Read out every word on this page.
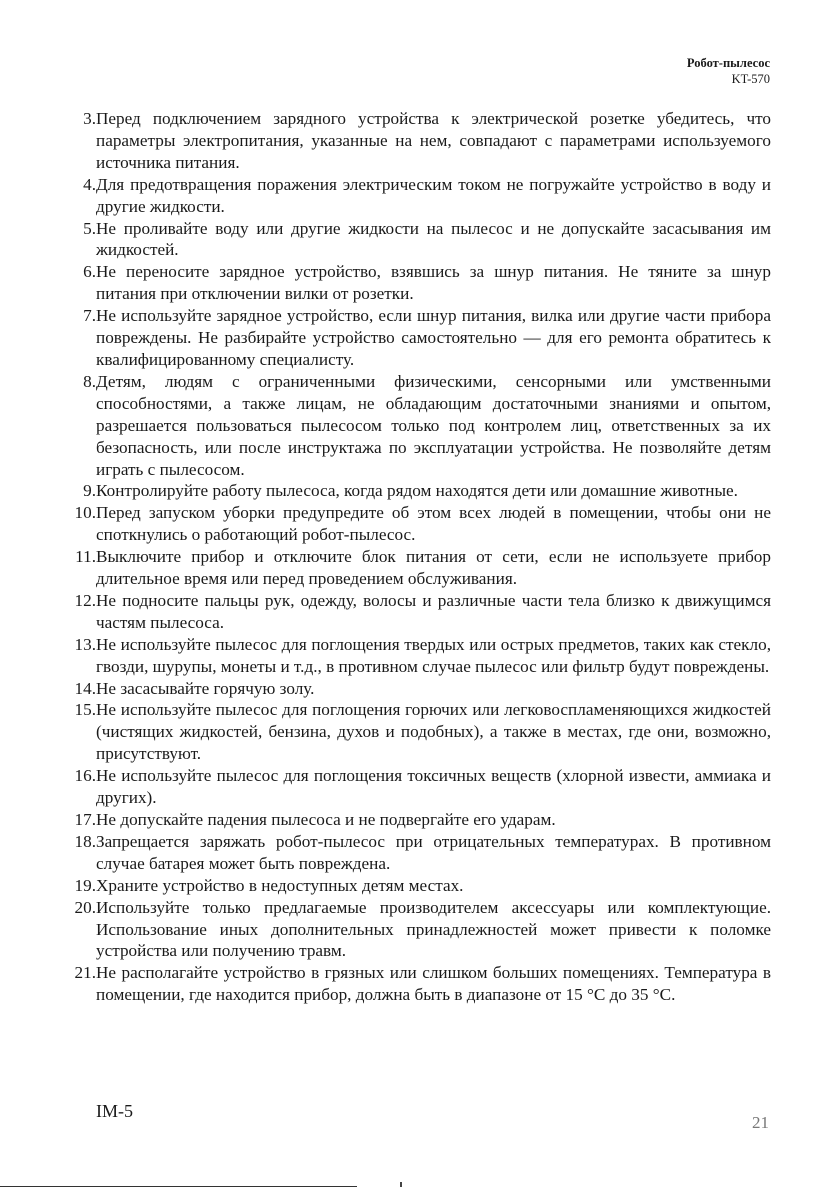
Робот-пылесос
KT-570
3. Перед подключением зарядного устройства к электрической розетке убедитесь, что параметры электропитания, указанные на нем, совпадают с параметрами используемого источника питания.
4. Для предотвращения поражения электрическим током не погружайте устройство в воду и другие жидкости.
5. Не проливайте воду или другие жидкости на пылесос и не допускайте засасывания им жидкостей.
6. Не переносите зарядное устройство, взявшись за шнур питания. Не тяните за шнур питания при отключении вилки от розетки.
7. Не используйте зарядное устройство, если шнур питания, вилка или другие части прибора повреждены. Не разбирайте устройство самостоятельно — для его ремонта обратитесь к квалифицированному специалисту.
8. Детям, людям с ограниченными физическими, сенсорными или умственными способностями, а также лицам, не обладающим достаточными знаниями и опытом, разрешается пользоваться пылесосом только под контролем лиц, ответственных за их безопасность, или после инструктажа по эксплуатации устройства. Не позволяйте детям играть с пылесосом.
9. Контролируйте работу пылесоса, когда рядом находятся дети или домашние животные.
10. Перед запуском уборки предупредите об этом всех людей в помещении, чтобы они не споткнулись о работающий робот-пылесос.
11. Выключите прибор и отключите блок питания от сети, если не используете прибор длительное время или перед проведением обслуживания.
12. Не подносите пальцы рук, одежду, волосы и различные части тела близко к движущимся частям пылесоса.
13. Не используйте пылесос для поглощения твердых или острых предметов, таких как стекло, гвозди, шурупы, монеты и т.д., в противном случае пылесос или фильтр будут повреждены.
14. Не засасывайте горячую золу.
15. Не используйте пылесос для поглощения горючих или легковоспламеняющихся жидкостей (чистящих жидкостей, бензина, духов и подобных), а также в местах, где они, возможно, присутствуют.
16. Не используйте пылесос для поглощения токсичных веществ (хлорной извести, аммиака и других).
17. Не допускайте падения пылесоса и не подвергайте его ударам.
18. Запрещается заряжать робот-пылесос при отрицательных температурах. В противном случае батарея может быть повреждена.
19. Храните устройство в недоступных детям местах.
20. Используйте только предлагаемые производителем аксессуары или комплектующие. Использование иных дополнительных принадлежностей может привести к поломке устройства или получению травм.
21. Не располагайте устройство в грязных или слишком больших помещениях. Температура в помещении, где находится прибор, должна быть в диапазоне от 15 °C до 35 °C.
IM-5
21
